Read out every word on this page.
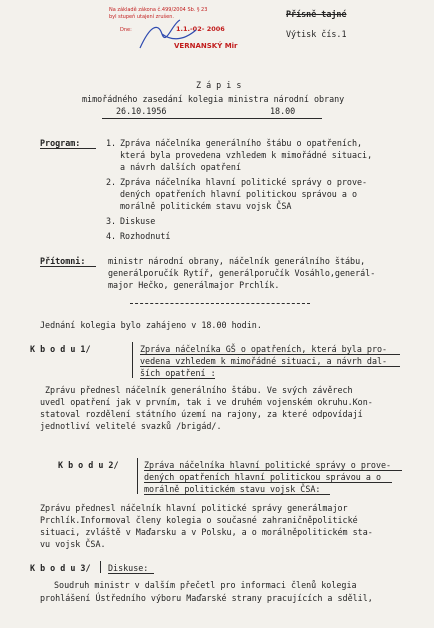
Na základě zákona č.499/2004 Sb. § 23
byl stupeň utajení zrušen.
Dne:	1.1.-02- 2006
VERNANSKÝ Mir
Přísně tajné
Výtisk čís.1
Z á p i s
mimořádného zasedání kolegia ministra národní obrany
26.10.1956	18.00
Program:	1. Zpráva náčelníka generálního štábu o opatřeních,
která byla provedena vzhledem k mimořádné situaci,
a návrh dalších opatření
2. Zpráva náčelníka hlavní politické správy o prove-
dených opatřeních hlavní politickou správou a o
morálně politickém stavu vojsk ČSA
3. Diskuse
4. Rozhodnutí
Přítomni:	ministr národní obrany, náčelník generálního štábu,
generálporučík Rytíř, generálporučík Vosáhlo,generál-
major Hečko, generálmajor Prchlík.
Jednání kolegia bylo zahájeno v 18.00 hodin.
K b o d u 1/	Zpráva náčelníka GŠ o opatřeních, která byla pro-
vedena vzhledem k mimořádné situaci, a návrh dal-
ších opatření :
Zprávu přednesl náčelník generálního štábu. Ve svých závěrech
uvedl opatření jak v prvním, tak i ve druhém vojenském okruhu.Kon-
statoval rozdělení státního území na rajony, za které odpovídají
jednotliví velitelé svazků /brigád/.
K b o d u 2/	Zpráva náčelníka hlavní politické správy o prove-
dených opatřeních hlavní politickou správou a o
morálně politickém stavu vojsk ČSA:
Zprávu přednesl náčelník hlavní politické správy generálmajor
Prchlík.Informoval členy kolegia o současné zahraničněpolitické
situaci, zvláště v Maďarsku a v Polsku, a o morálněpolitickém sta-
vu vojsk ČSA.
K b o d u 3/ Diskuse:
Soudruh ministr v dalším přečetl pro informaci členů kolegia
prohlášení Ústředního výboru Maďarské strany pracujících a sdělil,
